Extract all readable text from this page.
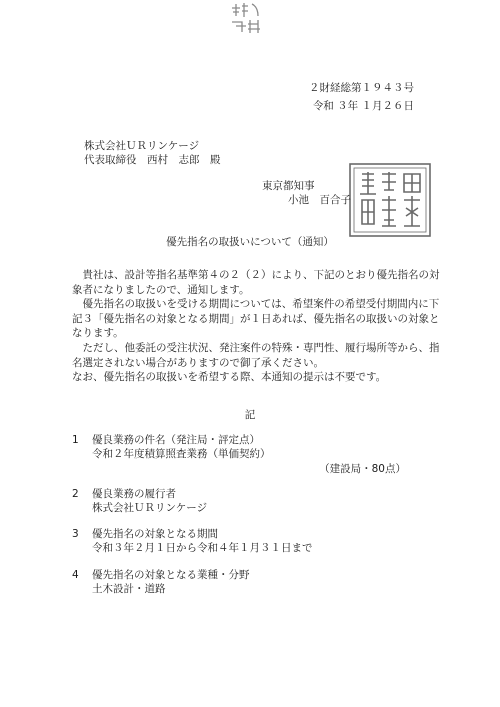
２財経総第１９４３号
令和 ３年 １月２６日
株式会社ＵＲリンケージ
代表取締役　西村　志郎　殿
東京都知事
小池　百合子
優先指名の取扱いについて（通知）

貴社は、設計等指名基準第４の２（２）により、下記のとおり優先指名の対象者になりましたので、通知します。

優先指名の取扱いを受ける期間については、希望案件の希望受付期間内に下記３「優先指名の対象となる期間」が１日あれば、優先指名の取扱いの対象となります。

ただし、他委託の受注状況、発注案件の特殊・専門性、履行場所等から、指名選定されない場合がありますので御了承ください。

なお、優先指名の取扱いを希望する際、本通知の提示は不要です。

記
1 優良業務の件名（発注局・評定点）
令和２年度積算照査業務（単価契約）
（建設局・80点）
2 優良業務の履行者
株式会社ＵＲリンケージ
3 優先指名の対象となる期間
令和３年２月１日から令和４年１月３１日まで
4 優先指名の対象となる業種・分野
土木設計・道路
